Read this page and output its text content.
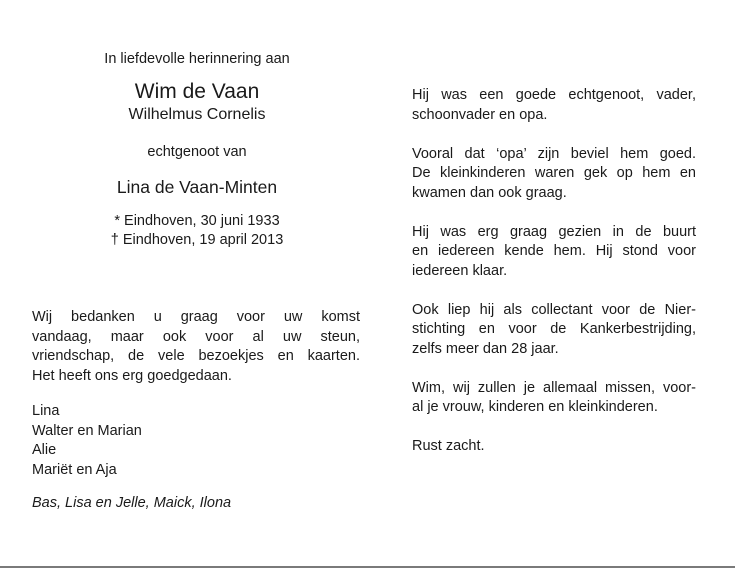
In liefdevolle herinnering aan
Wim de Vaan
Wilhelmus Cornelis
echtgenoot van
Lina de Vaan-Minten
* Eindhoven, 30 juni 1933
† Eindhoven, 19 april 2013
Wij bedanken u graag voor uw komst
vandaag, maar ook voor al uw steun,
vriendschap, de vele bezoekjes en kaarten.
Het heeft ons erg goedgedaan.
Lina
Walter en Marian
Alie
Mariët en Aja
Bas, Lisa en Jelle, Maick, Ilona

Hij was een goede echtgenoot, vader,
schoonvader en opa.

Vooral dat ‘opa’ zijn beviel hem goed.
De kleinkinderen waren gek op hem en
kwamen dan ook graag.

Hij was erg graag gezien in de buurt
en iedereen kende hem. Hij stond voor
iedereen klaar.

Ook liep hij als collectant voor de Nier-
stichting en voor de Kankerbestrijding,
zelfs meer dan 28 jaar.

Wim, wij zullen je allemaal missen, voor-
al je vrouw, kinderen en kleinkinderen.

Rust zacht.
